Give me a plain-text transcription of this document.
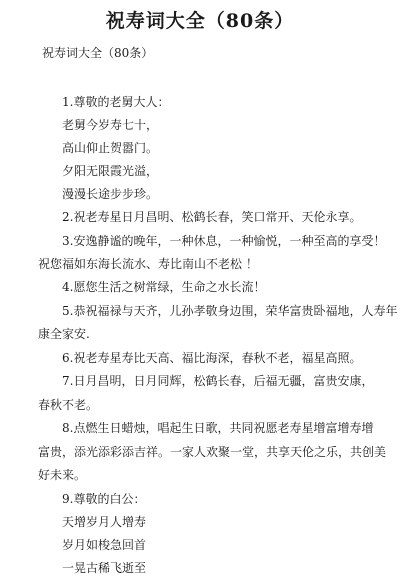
祝寿词大全（80条）
祝寿词大全（80条）
1.尊敬的老舅大人：
老舅今岁寿七十，
高山仰止贺嚣门。
夕阳无限霞光溢，
漫漫长途步步珍。
2.祝老寿星日月昌明、松鹤长春，笑口常开、天伦永享。
3.安逸静谧的晚年，一种休息，一种愉悦，一种至高的享受！
祝您福如东海长流水、寿比南山不老松 ！
4.愿您生活之树常绿，生命之水长流！
5.恭祝福禄与天齐，儿孙孝敬身边围，荣华富贵卧福地，人寿年
康全家安.
6.祝老寿星寿比天高、福比海深，春秋不老，福星高照。
7.日月昌明，日月同辉，松鹤长春，后福无疆，富贵安康，
春秋不老。
8.点燃生日蜡烛，唱起生日歌，共同祝愿老寿星增富增寿增
富贵，添光添彩添吉祥。一家人欢聚一堂，共享天伦之乐，共创美
好未来。
9.尊敬的白公：
天增岁月人增寿
岁月如梭急回首
一晃古稀飞逝至
